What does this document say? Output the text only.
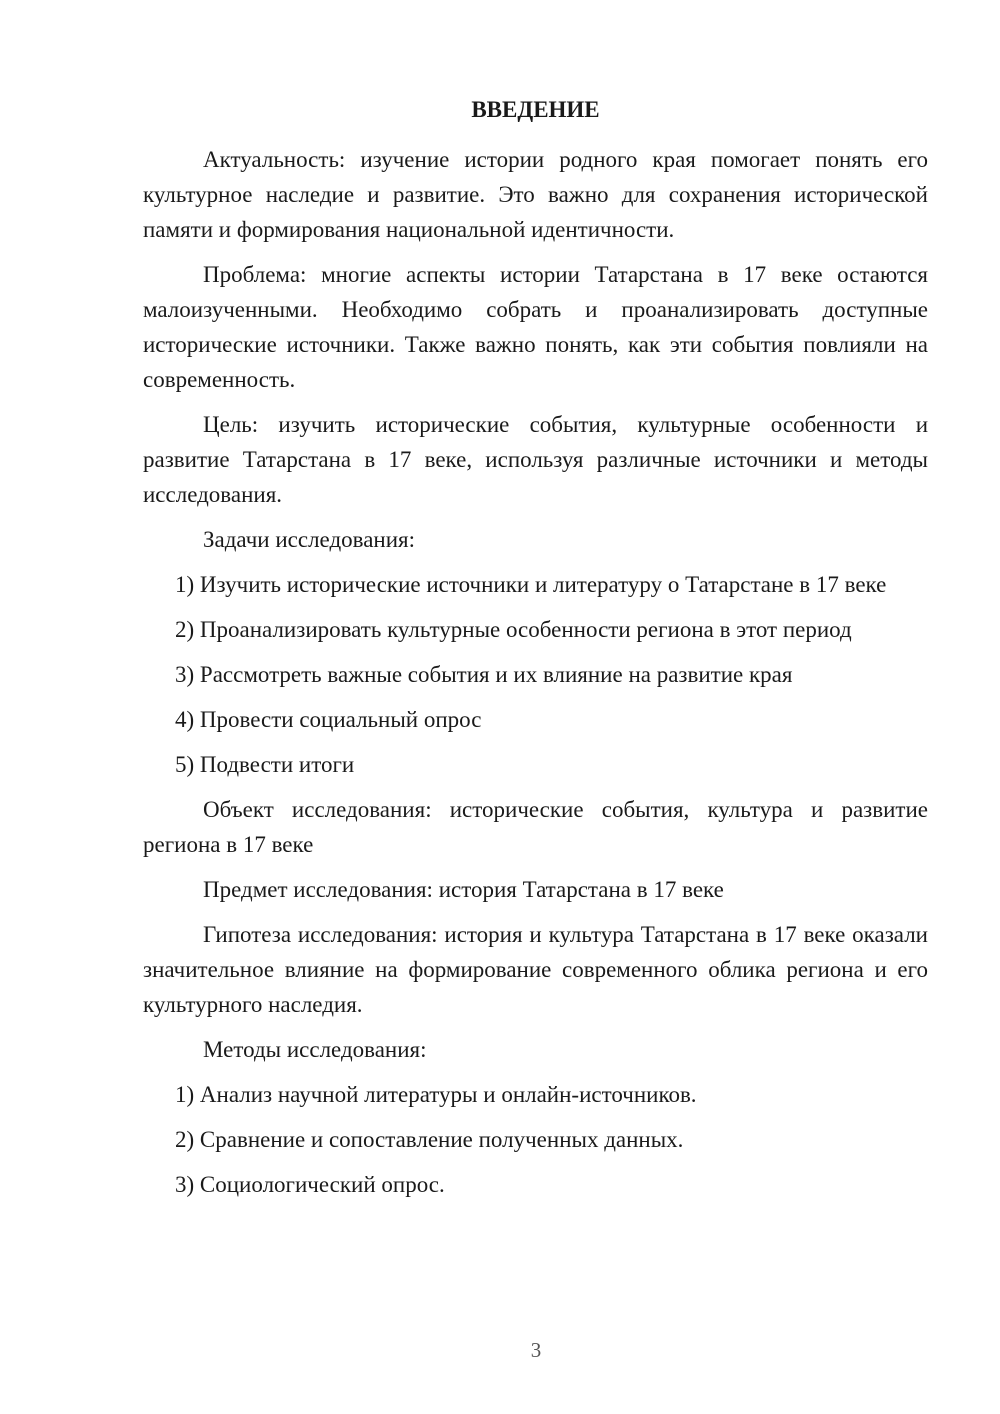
ВВЕДЕНИЕ

Актуальность: изучение истории родного края помогает понять его культурное наследие и развитие. Это важно для сохранения исторической памяти и формирования национальной идентичности.

Проблема: многие аспекты истории Татарстана в 17 веке остаются малоизученными. Необходимо собрать и проанализировать доступные исторические источники. Также важно понять, как эти события повлияли на современность.

Цель: изучить исторические события, культурные особенности и развитие Татарстана в 17 веке, используя различные источники и методы исследования.

Задачи исследования:

1) Изучить исторические источники и литературу о Татарстане в 17 веке

2) Проанализировать культурные особенности региона в этот период

3) Рассмотреть важные события и их влияние на развитие края

4) Провести социальный опрос

5) Подвести итоги

Объект исследования: исторические события, культура и развитие региона в 17 веке

Предмет исследования: история Татарстана в 17 веке

Гипотеза исследования: история и культура Татарстана в 17 веке оказали значительное влияние на формирование современного облика региона и его культурного наследия.

Методы исследования:

1) Анализ научной литературы и онлайн-источников.

2) Сравнение и сопоставление полученных данных.

3) Социологический опрос.

3
